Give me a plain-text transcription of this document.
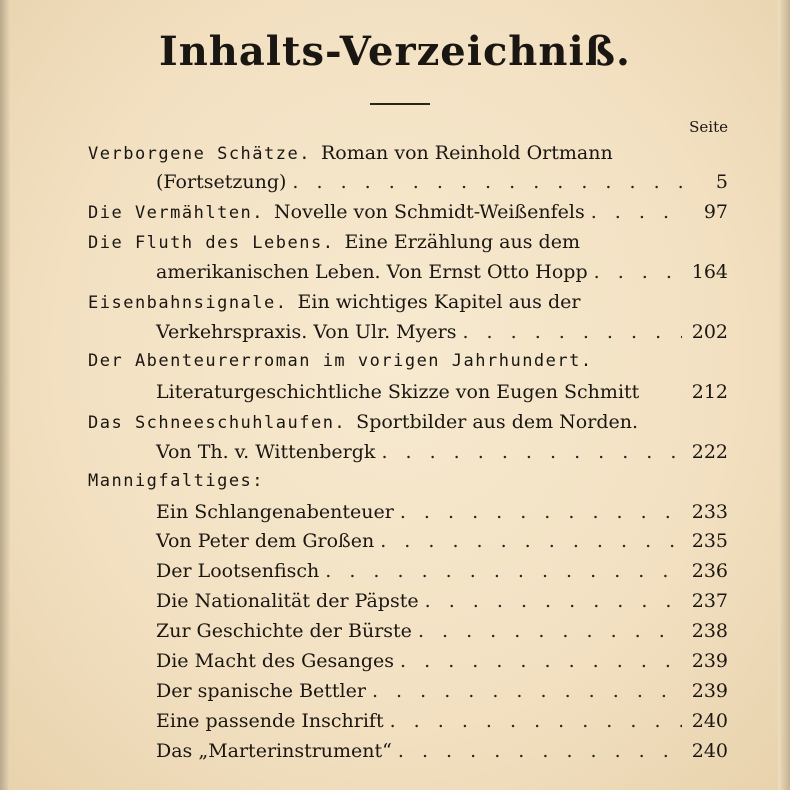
Inhalts-Verzeichniß.
Seite
Verborgene Schätze. Roman von Reinhold Ortmann
(Fortsetzung) . . .	5
Die Vermählten. Novelle von Schmidt-Weißenfels . . .	97
Die Fluth des Lebens. Eine Erzählung aus dem
amerikanischen Leben. Von Ernst Otto Hopp . . .	164
Eisenbahnsignale. Ein wichtiges Kapitel aus der
Verkehrspraxis. Von Ulr. Myers . . .	202
Der Abenteurerroman im vorigen Jahrhundert.
Literaturgeschichtliche Skizze von Eugen Schmitt	212
Das Schneeschuhlaufen. Sportbilder aus dem Norden.
Von Th. v. Wittenbergk . . .	222
Mannigfaltiges:
Ein Schlangenabenteuer . . .	233
Von Peter dem Großen . . .	235
Der Lootsenfisch . . .	236
Die Nationalität der Päpste . . .	237
Zur Geschichte der Bürste . . .	238
Die Macht des Gesanges . . .	239
Der spanische Bettler . . .	239
Eine passende Inschrift . . .	240
Das „Marterinstrument“ . . .	240
